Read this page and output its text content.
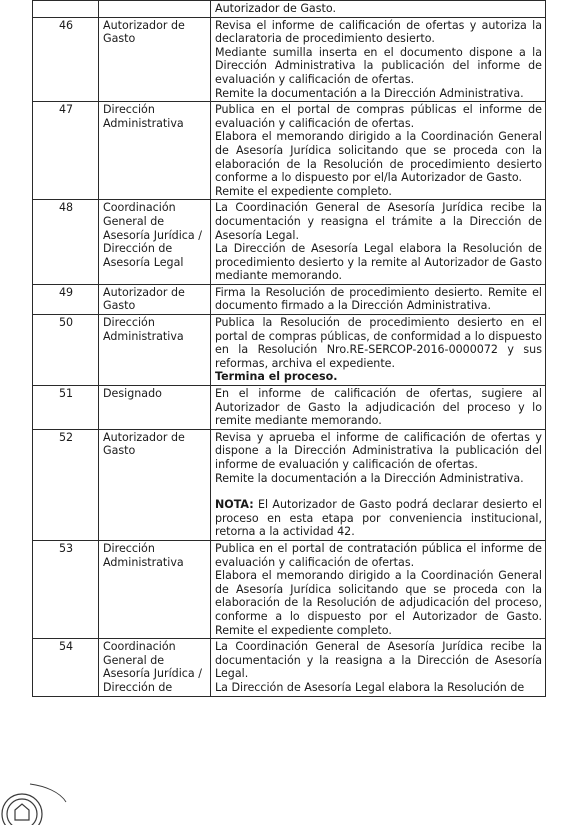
		Autorizador de Gasto.

46	Autorizador de Gasto	Revisa el informe de calificación de ofertas y autoriza la declaratoria de procedimiento desierto.
Mediante sumilla inserta en el documento dispone a la Dirección Administrativa la publicación del informe de evaluación y calificación de ofertas.
Remite la documentación a la Dirección Administrativa.

47	Dirección Administrativa	Publica en el portal de compras públicas el informe de evaluación y calificación de ofertas.
Elabora el memorando dirigido a la Coordinación General de Asesoría Jurídica solicitando que se proceda con la elaboración de la Resolución de procedimiento desierto conforme a lo dispuesto por el/la Autorizador de Gasto.
Remite el expediente completo.

48	Coordinación General de Asesoría Jurídica / Dirección de Asesoría Legal	La Coordinación General de Asesoría Jurídica recibe la documentación y reasigna el trámite a la Dirección de Asesoría Legal.
La Dirección de Asesoría Legal elabora la Resolución de procedimiento desierto y la remite al Autorizador de Gasto mediante memorando.

49	Autorizador de Gasto	Firma la Resolución de procedimiento desierto. Remite el documento firmado a la Dirección Administrativa.

50	Dirección Administrativa	Publica la Resolución de procedimiento desierto en el portal de compras públicas, de conformidad a lo dispuesto en la Resolución Nro.RE-SERCOP-2016-0000072 y sus reformas, archiva el expediente.
Termina el proceso.

51	Designado	En el informe de calificación de ofertas, sugiere al Autorizador de Gasto la adjudicación del proceso y lo remite mediante memorando.

52	Autorizador de Gasto	Revisa y aprueba el informe de calificación de ofertas y dispone a la Dirección Administrativa la publicación del informe de evaluación y calificación de ofertas.
Remite la documentación a la Dirección Administrativa.
NOTA: El Autorizador de Gasto podrá declarar desierto el proceso en esta etapa por conveniencia institucional, retorna a la actividad 42.

53	Dirección Administrativa	Publica en el portal de contratación pública el informe de evaluación y calificación de ofertas.
Elabora el memorando dirigido a la Coordinación General de Asesoría Jurídica solicitando que se proceda con la elaboración de la Resolución de adjudicación del proceso, conforme a lo dispuesto por el Autorizador de Gasto. Remite el expediente completo.

54	Coordinación General de Asesoría Jurídica / Dirección de	La Coordinación General de Asesoría Jurídica recibe la documentación y la reasigna a la Dirección de Asesoría Legal.
La Dirección de Asesoría Legal elabora la Resolución de
